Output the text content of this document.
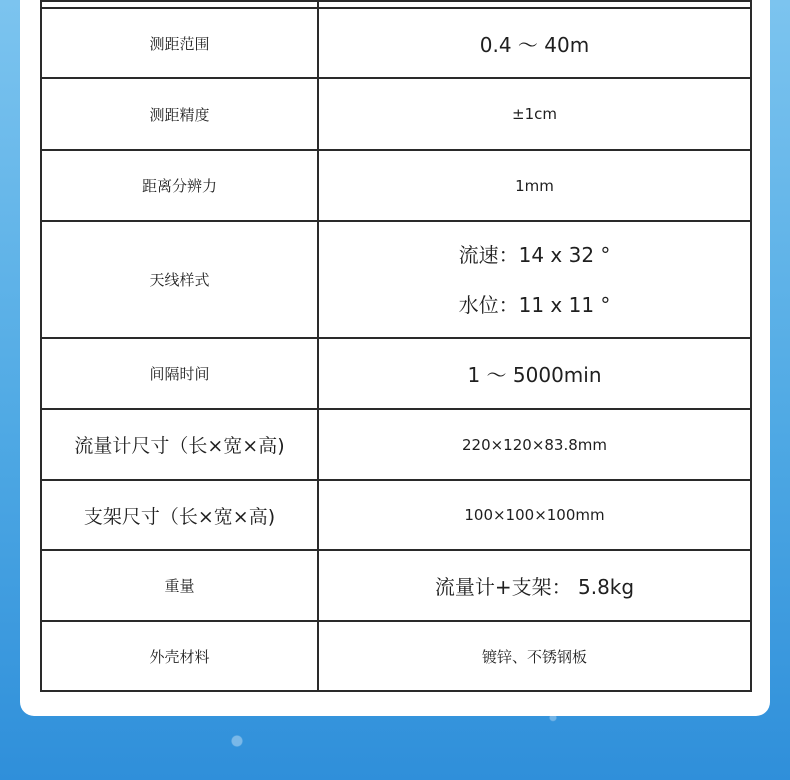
测距范围	0.4 ～ 40m
测距精度	±1cm
距离分辨力	1mm
天线样式	流速：14 x 32 °
水位：11 x 11 °

间隔时间	1 ～ 5000min
流量计尺寸（长×宽×高)	220×120×83.8mm
支架尺寸（长×宽×高)	100×100×100mm
重量	流量计+支架： 5.8kg
外壳材料	镀锌、不锈钢板
